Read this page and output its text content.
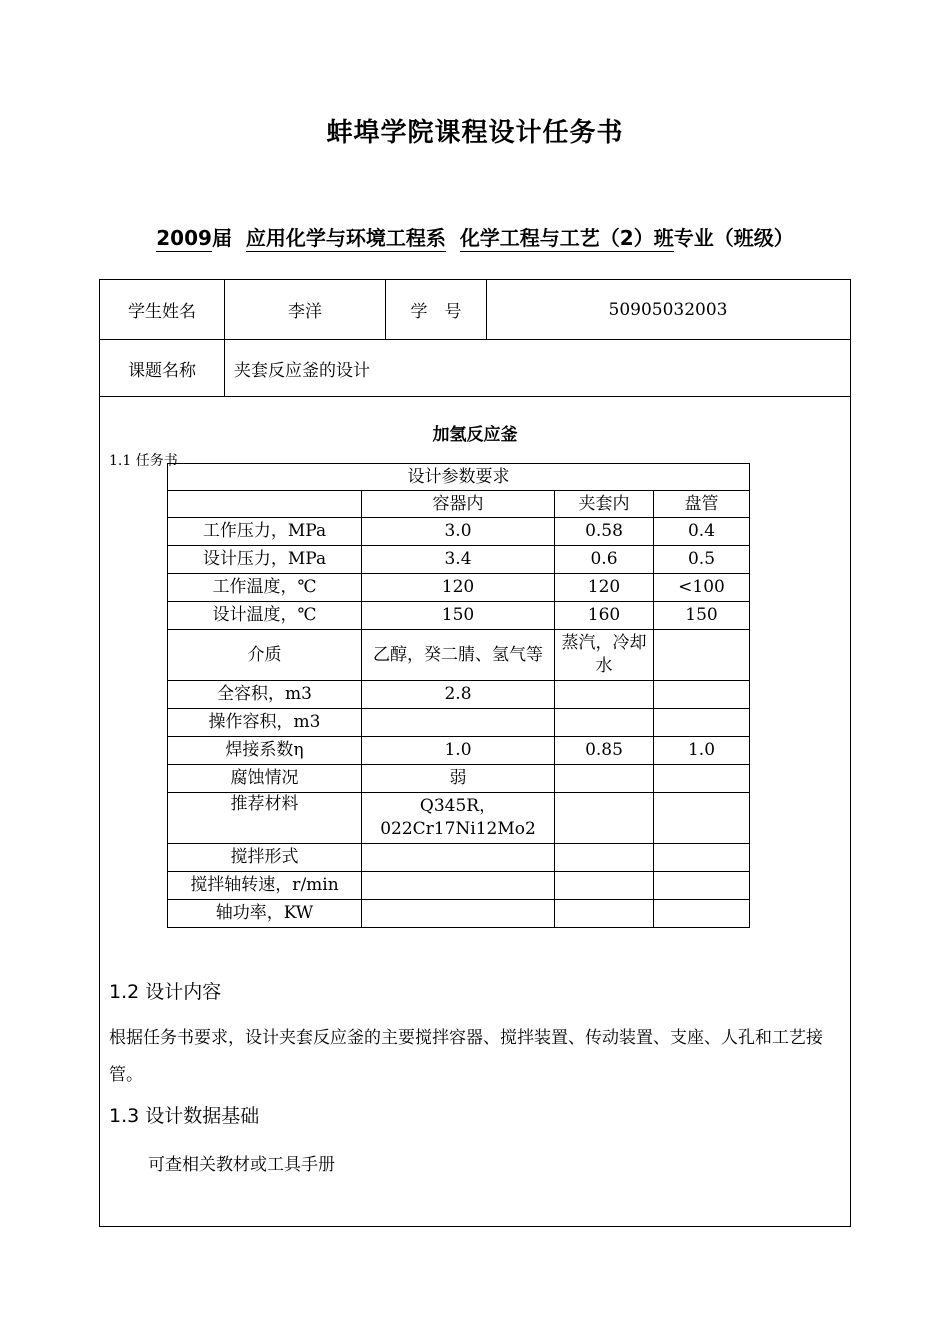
蚌埠学院课程设计任务书
2009届 应用化学与环境工程系 化学工程与工艺（2）班专业（班级）
学生姓名	李洋	学　号	50905032003
课题名称	夹套反应釜的设计
加氢反应釜
1.1 任务书
设计参数要求			
	容器内	夹套内	盘管
工作压力，MPa	3.0	0.58	0.4
设计压力，MPa	3.4	0.6	0.5
工作温度，℃	120	120	<100
设计温度，℃	150	160	150
介质	乙醇，癸二腈、氢气等	蒸汽，冷却水	
全容积，m3	2.8		
操作容积，m3			
焊接系数η	1.0	0.85	1.0
腐蚀情况	弱		
推荐材料	Q345R，022Cr17Ni12Mo2		
搅拌形式			
搅拌轴转速，r/min			
轴功率，KW			
1.2 设计内容
根据任务书要求，设计夹套反应釜的主要搅拌容器、搅拌装置、传动装置、支座、人孔和工艺接管。
1.3 设计数据基础
可查相关教材或工具手册
